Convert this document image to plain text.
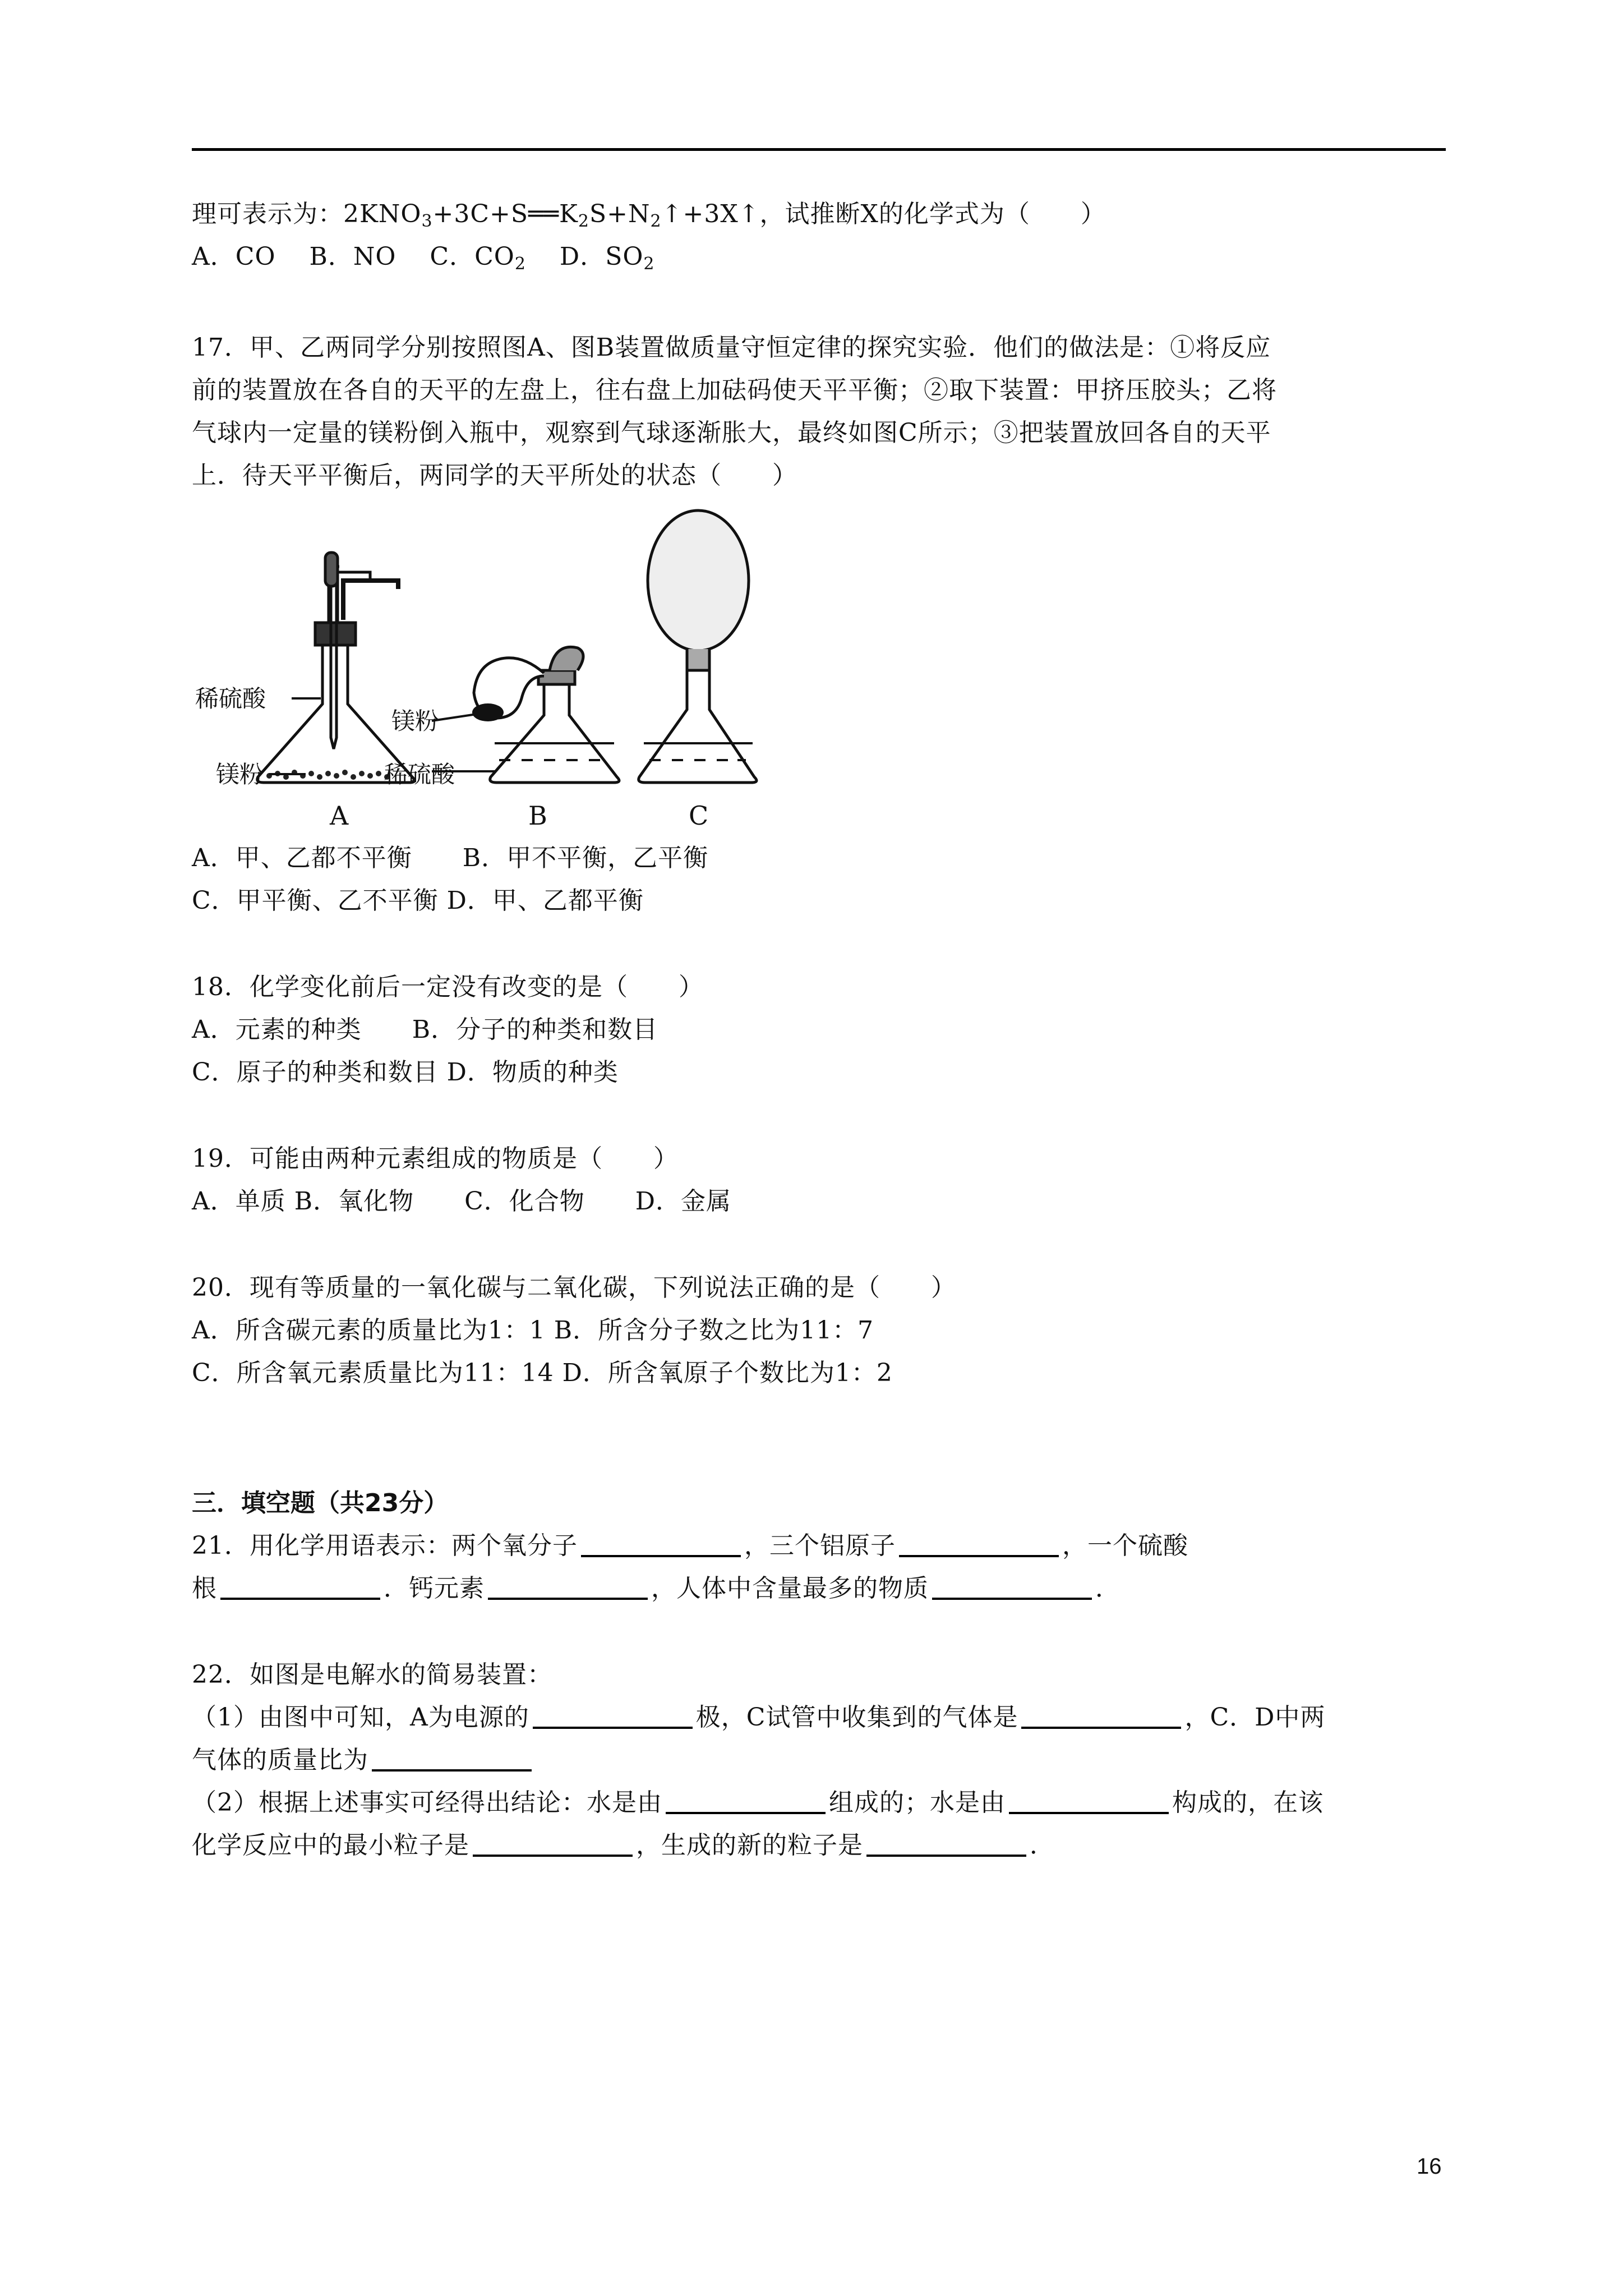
理可表示为：$2KNO_3+3C+S══K_2S+N_2↑+3X↑$，试推断X的化学式为（　　）
A．CO　 B．NO　 C．$CO_2$　 D．$SO_2$
17．甲、乙两同学分别按照图A、图B装置做质量守恒定律的探究实验．他们的做法是：①将反应
前的装置放在各自的天平的左盘上，往右盘上加砝码使天平平衡；②取下装置：甲挤压胶头；乙将
气球内一定量的镁粉倒入瓶中，观察到气球逐渐胀大，最终如图C所示；③把装置放回各自的天平
上．待天平平衡后，两同学的天平所处的状态（　　）
稀硫酸
镁粉
镁粉
稀硫酸
A	B	C
A．甲、乙都不平衡　　B．甲不平衡，乙平衡
C．甲平衡、乙不平衡 D．甲、乙都平衡
18．化学变化前后一定没有改变的是（　　）
A．元素的种类　　B．分子的种类和数目
C．原子的种类和数目 D．物质的种类
19．可能由两种元素组成的物质是（　　）
A．单质 B．氧化物　　C．化合物　　D．金属
20．现有等质量的一氧化碳与二氧化碳，下列说法正确的是（　　）
A．所含碳元素的质量比为1：1 B．所含分子数之比为11：7
C．所含氧元素质量比为11：14 D．所含氧原子个数比为1：2
三．填空题（共23分）
21．用化学用语表示：两个氧分子	，三个铝原子	，一个硫酸
根	．钙元素	，人体中含量最多的物质	．
22．如图是电解水的简易装置：
（1）由图中可知，A为电源的	极，C试管中收集到的气体是	，C．D中两
气体的质量比为
（2）根据上述事实可经得出结论：水是由	组成的；水是由	构成的，在该
化学反应中的最小粒子是	，生成的新的粒子是	．
16
